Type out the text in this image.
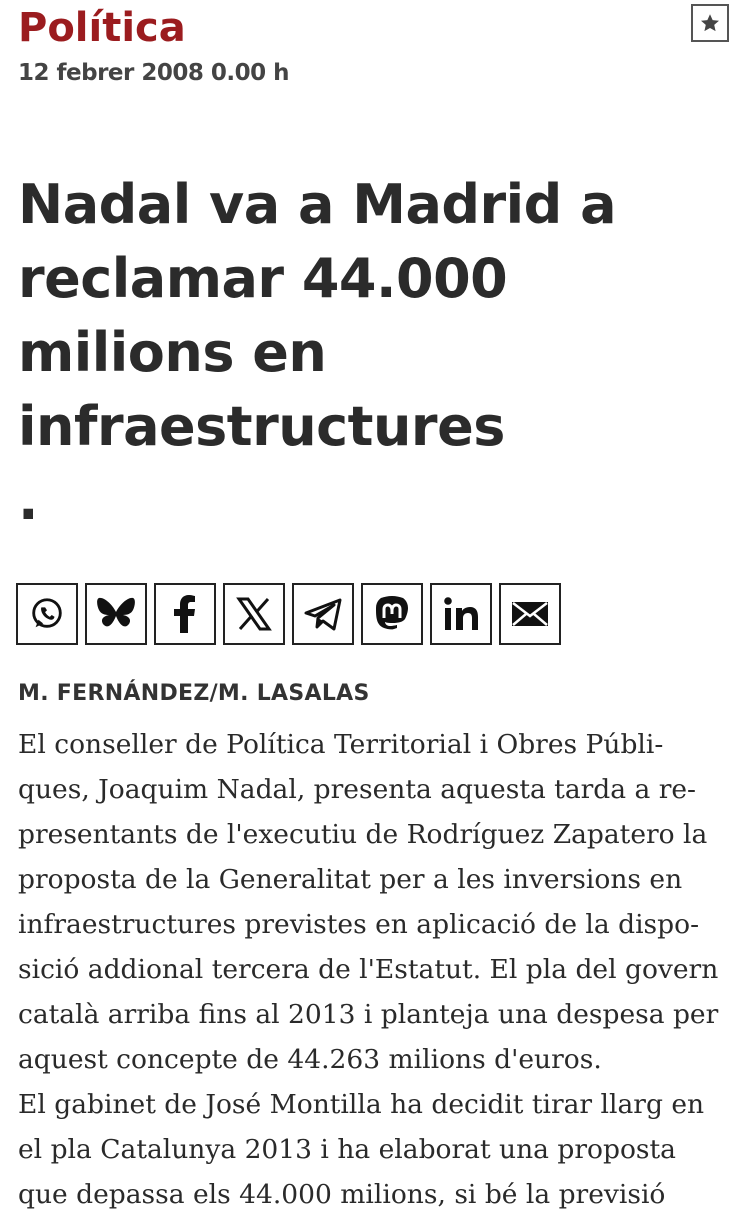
Política
12 febrer 2008 0.00 h
Nadal va a Madrid a
reclamar 44.000
milions en
infraestructures
.
M. FERNÁNDEZ/M. LASALAS
El conseller de Política Territorial i Obres Públi-
ques, Joaquim Nadal, presenta aquesta tarda a re-
presentants de l'executiu de Rodríguez Zapatero la
proposta de la Generalitat per a les inversions en
infraestructures previstes en aplicació de la dispo-
sició addional tercera de l'Estatut. El pla del govern
català arriba fins al 2013 i planteja una despesa per
aquest concepte de 44.263 milions d'euros.
El gabinet de José Montilla ha decidit tirar llarg en
el pla Catalunya 2013 i ha elaborat una proposta
que depassa els 44.000 milions, si bé la previsió
